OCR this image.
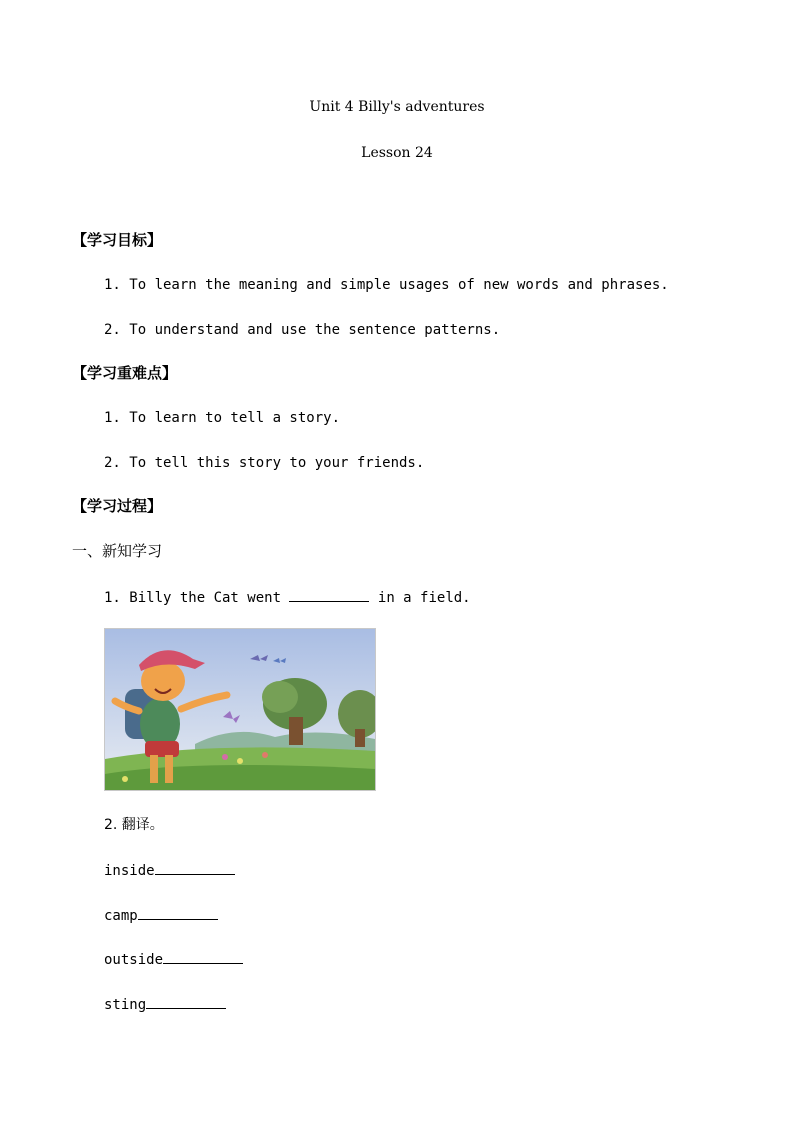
Unit 4 Billy's adventures
Lesson 24
【学习目标】
1. To learn the meaning and simple usages of new words and phrases.
2. To understand and use the sentence patterns.
【学习重难点】
1. To learn to tell a story.
2. To tell this story to your friends.
【学习过程】
一、新知学习
1. Billy the Cat went	in a field.
2. 翻译。
inside
camp
outside
sting
